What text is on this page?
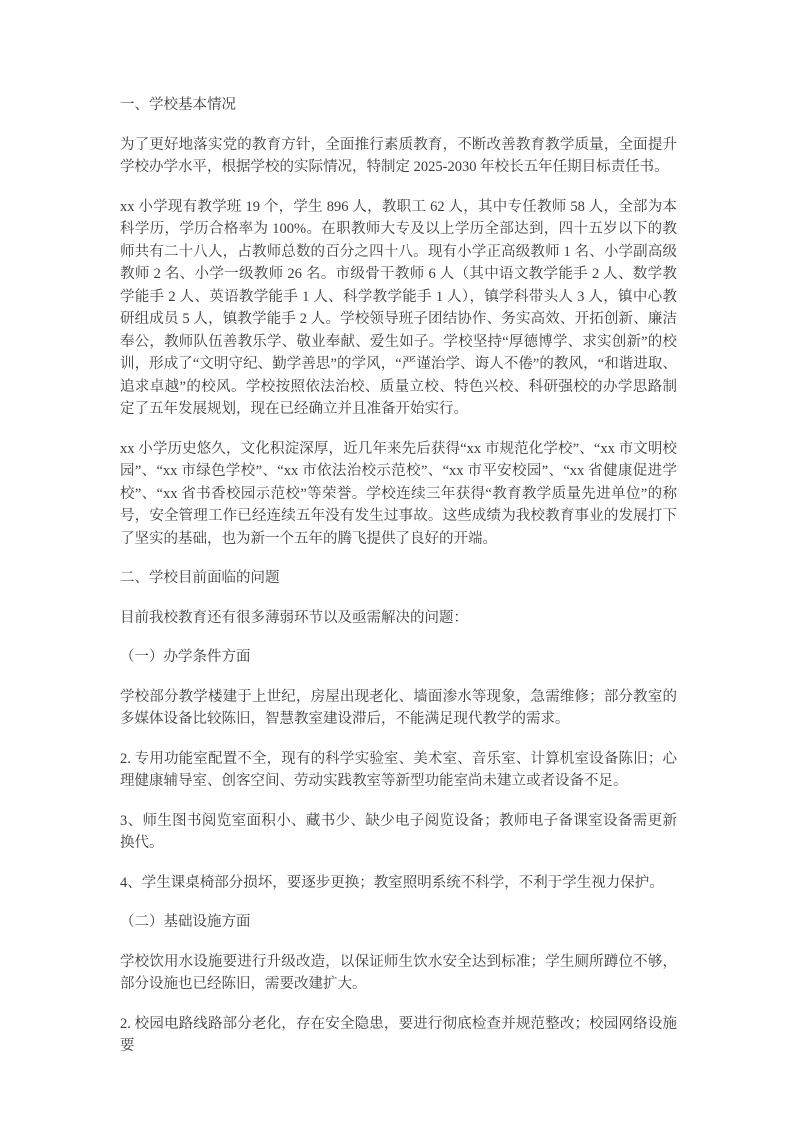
一、学校基本情况

为了更好地落实党的教育方针，全面推行素质教育，不断改善教育教学质量，全面提升学校办学水平，根据学校的实际情况，特制定 2025-2030 年校长五年任期目标责任书。

xx 小学现有教学班 19 个，学生 896 人，教职工 62 人，其中专任教师 58 人，全部为本科学历，学历合格率为 100%。在职教师大专及以上学历全部达到，四十五岁以下的教师共有二十八人，占教师总数的百分之四十八。现有小学正高级教师 1 名、小学副高级教师 2 名、小学一级教师 26 名。市级骨干教师 6 人（其中语文教学能手 2 人、数学教学能手 2 人、英语教学能手 1 人、科学教学能手 1 人），镇学科带头人 3 人，镇中心教研组成员 5 人，镇教学能手 2 人。学校领导班子团结协作、务实高效、开拓创新、廉洁奉公，教师队伍善教乐学、敬业奉献、爱生如子。学校坚持“厚德博学、求实创新”的校训，形成了“文明守纪、勤学善思”的学风，“严谨治学、诲人不倦”的教风，“和谐进取、追求卓越”的校风。学校按照依法治校、质量立校、特色兴校、科研强校的办学思路制定了五年发展规划，现在已经确立并且准备开始实行。

xx 小学历史悠久，文化积淀深厚，近几年来先后获得“xx 市规范化学校”、“xx 市文明校园”、“xx 市绿色学校”、“xx 市依法治校示范校”、“xx 市平安校园”、“xx 省健康促进学校”、“xx 省书香校园示范校”等荣誉。学校连续三年获得“教育教学质量先进单位”的称号，安全管理工作已经连续五年没有发生过事故。这些成绩为我校教育事业的发展打下了坚实的基础，也为新一个五年的腾飞提供了良好的开端。

二、学校目前面临的问题

目前我校教育还有很多薄弱环节以及亟需解决的问题：

（一）办学条件方面

学校部分教学楼建于上世纪，房屋出现老化、墙面渗水等现象，急需维修；部分教室的多媒体设备比较陈旧，智慧教室建设滞后，不能满足现代教学的需求。

2. 专用功能室配置不全，现有的科学实验室、美术室、音乐室、计算机室设备陈旧；心理健康辅导室、创客空间、劳动实践教室等新型功能室尚未建立或者设备不足。

3、师生图书阅览室面积小、藏书少、缺少电子阅览设备；教师电子备课室设备需更新换代。

4、学生课桌椅部分损坏，要逐步更换；教室照明系统不科学，不利于学生视力保护。

（二）基础设施方面

学校饮用水设施要进行升级改造，以保证师生饮水安全达到标准；学生厕所蹲位不够，部分设施也已经陈旧，需要改建扩大。

2. 校园电路线路部分老化，存在安全隐患，要进行彻底检查并规范整改；校园网络设施要
